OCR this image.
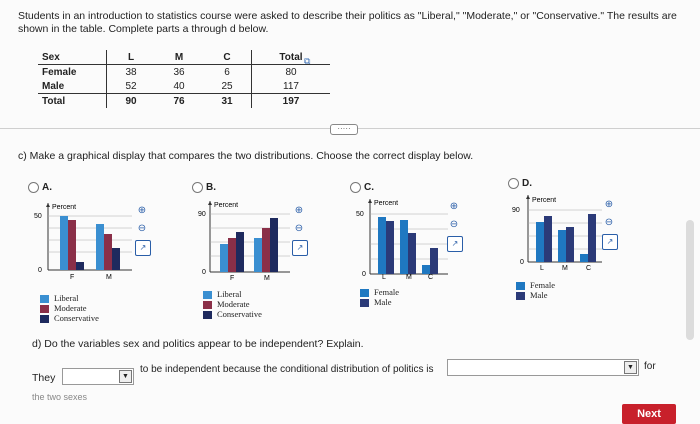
Students in an introduction to statistics course were asked to describe their politics as "Liberal," "Moderate," or "Conservative." The results are shown in the table. Complete parts a through d below.
Sex	L	M	C	Total
Female	38	36	6	80
Male	52	40	25	117
Total	90	76	31	197
⧉
·····
c) Make a graphical display that compares the two distributions. Choose the correct display below.
A.
Percent
50
0
F	M
⊕
⊖
↗
Liberal
Moderate
Conservative
B.
Percent
90
0
F	M
⊕
⊖
↗
Liberal
Moderate
Conservative
C.
Percent
50
0 L	M C
⊕
⊖
↗
Female
Male
D.
Percent
90
0
L	M	C
⊕
⊖
↗
Female
Male
d) Do the variables sex and politics appear to be independent? Explain.
They	▼
to be independent because the conditional distribution of politics is	▼	for
the two sexes
Next
